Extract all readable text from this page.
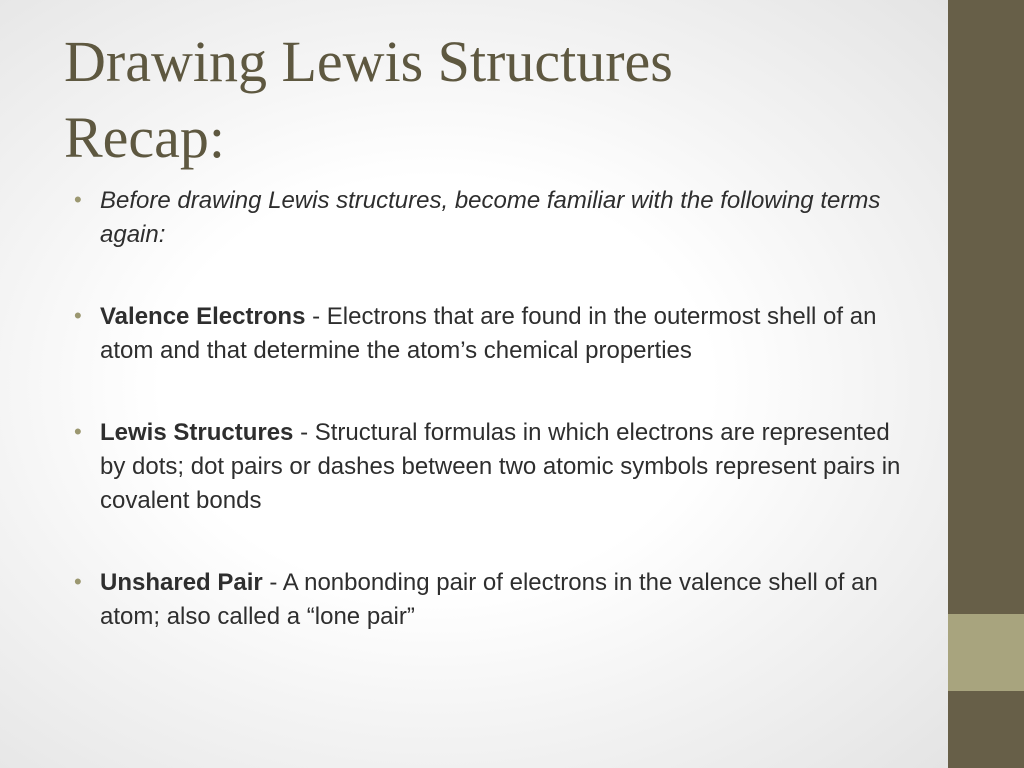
Drawing Lewis Structures
Recap:
• Before drawing Lewis structures, become familiar with the following terms again:
• Valence Electrons - Electrons that are found in the outermost shell of an atom and that determine the atom’s chemical properties
• Lewis Structures - Structural formulas in which electrons are represented by dots; dot pairs or dashes between two atomic symbols represent pairs in covalent bonds
• Unshared Pair - A nonbonding pair of electrons in the valence shell of an atom; also called a “lone pair”
